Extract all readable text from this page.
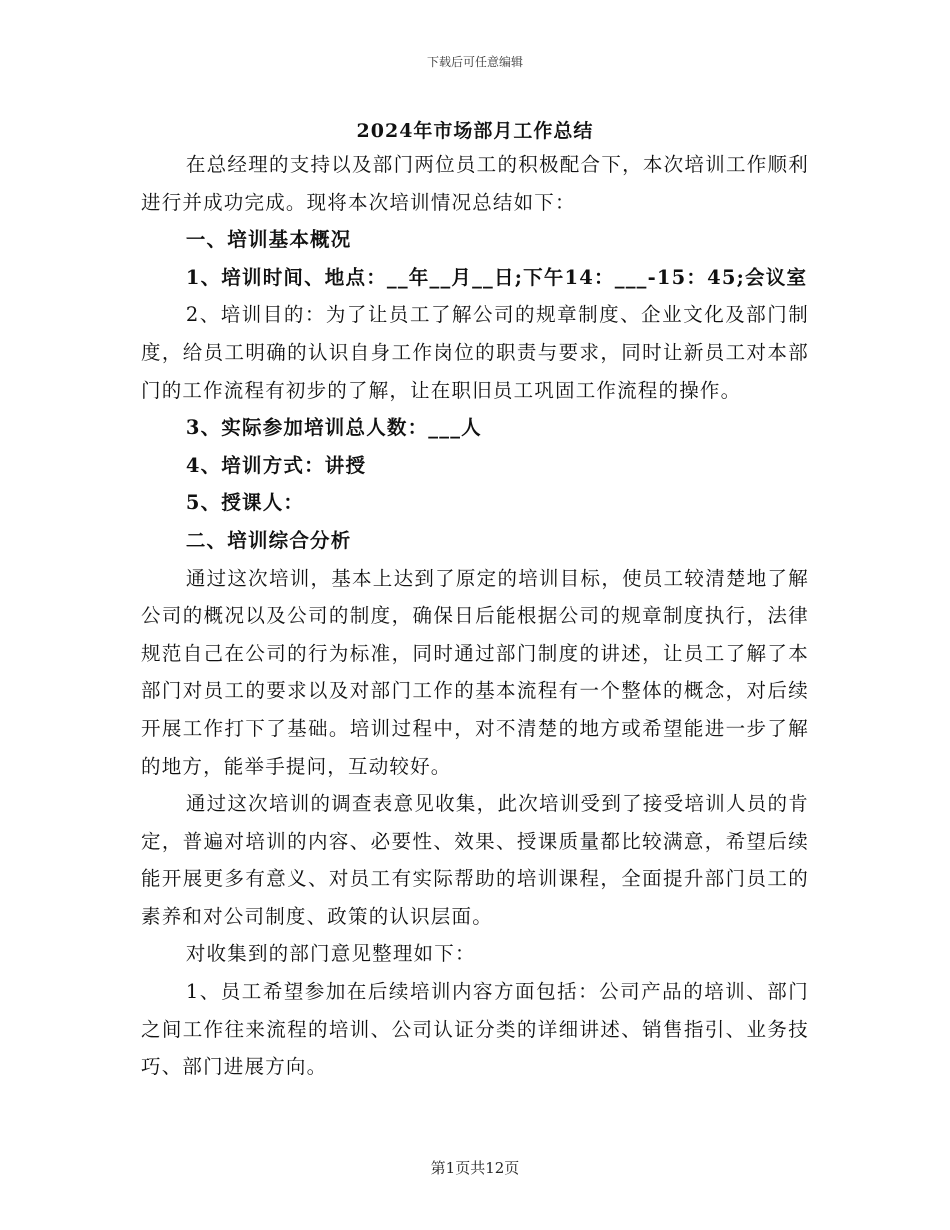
下载后可任意编辑
2024年市场部月工作总结

在总经理的支持以及部门两位员工的积极配合下，本次培训工作顺利进行并成功完成。现将本次培训情况总结如下：

一、培训基本概况

1、培训时间、地点：__年__月__日;下午14：___-15：45;会议室

2、培训目的：为了让员工了解公司的规章制度、企业文化及部门制度，给员工明确的认识自身工作岗位的职责与要求，同时让新员工对本部门的工作流程有初步的了解，让在职旧员工巩固工作流程的操作。

3、实际参加培训总人数：___人

4、培训方式：讲授

5、授课人：

二、培训综合分析

通过这次培训，基本上达到了原定的培训目标，使员工较清楚地了解公司的概况以及公司的制度，确保日后能根据公司的规章制度执行，法律规范自己在公司的行为标准，同时通过部门制度的讲述，让员工了解了本部门对员工的要求以及对部门工作的基本流程有一个整体的概念，对后续开展工作打下了基础。培训过程中，对不清楚的地方或希望能进一步了解的地方，能举手提问，互动较好。

通过这次培训的调查表意见收集，此次培训受到了接受培训人员的肯定，普遍对培训的内容、必要性、效果、授课质量都比较满意，希望后续能开展更多有意义、对员工有实际帮助的培训课程，全面提升部门员工的素养和对公司制度、政策的认识层面。

对收集到的部门意见整理如下：

1、员工希望参加在后续培训内容方面包括：公司产品的培训、部门之间工作往来流程的培训、公司认证分类的详细讲述、销售指引、业务技巧、部门进展方向。

第1页共12页
